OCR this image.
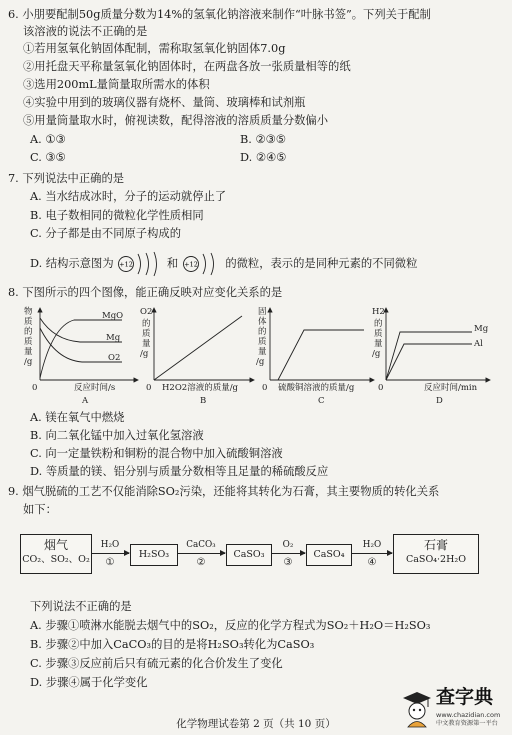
6. 小朋要配制50g质量分数为14%的氢氧化钠溶液来制作“叶脉书签”。下列关于配制
该溶液的说法不正确的是
①若用氢氧化钠固体配制，需称取氢氧化钠固体7.0g
②用托盘天平称量氢氧化钠固体时，在两盘各放一张质量相等的纸
③选用200mL量筒量取所需水的体积
④实验中用到的玻璃仪器有烧杯、量筒、玻璃棒和试剂瓶
⑤用量筒量取水时，俯视读数，配得溶液的溶质质量分数偏小
A. ①③	B. ②③⑤
C. ③⑤	D. ②④⑤
7. 下列说法中正确的是
A. 当水结成冰时，分子的运动就停止了
B. 电子数相同的微粒化学性质相同
C. 分子都是由不同原子构成的
D. 结构示意图为 +12	和 +12 的微粒，表示的是同种元素的不同微粒
8. 下图所示的四个图像，能正确反映对应变化关系的是
物
质
的
质
量
/g
0
MgO
Mg
O2
反应时间/s
A
O2
的
质
量
/g
0 H2O2溶液的质量/g
B
固
体
的
质
量
/g
0 硫酸铜溶液的质量/g
C
H2
的
质
量
/g
0
Mg
Al
反应时间/min
D
A. 镁在氧气中燃烧
B. 向二氧化锰中加入过氧化氢溶液
C. 向一定量铁粉和铜粉的混合物中加入硫酸铜溶液
D. 等质量的镁、铝分别与质量分数相等且足量的稀硫酸反应
9. 烟气脱硫的工艺不仅能消除SO₂污染，还能将其转化为石膏，其主要物质的转化关系
如下：
烟气
CO₂、SO₂、O₂
H₂O
①
H₂SO₃
CaCO₃
②
CaSO₃
O₂
③
CaSO₄
H₂O
④
石膏
CaSO₄·2H₂O
下列说法不正确的是
A. 步骤①喷淋水能脱去烟气中的SO₂，反应的化学方程式为SO₂＋H₂O＝H₂SO₃
B. 步骤②中加入CaCO₃的目的是将H₂SO₃转化为CaSO₃
C. 步骤③反应前后只有硫元素的化合价发生了变化
D. 步骤④属于化学变化
化学物理试卷第 2 页（共 10 页）
查字典
www.chazidian.com
中文教育资源第一平台
